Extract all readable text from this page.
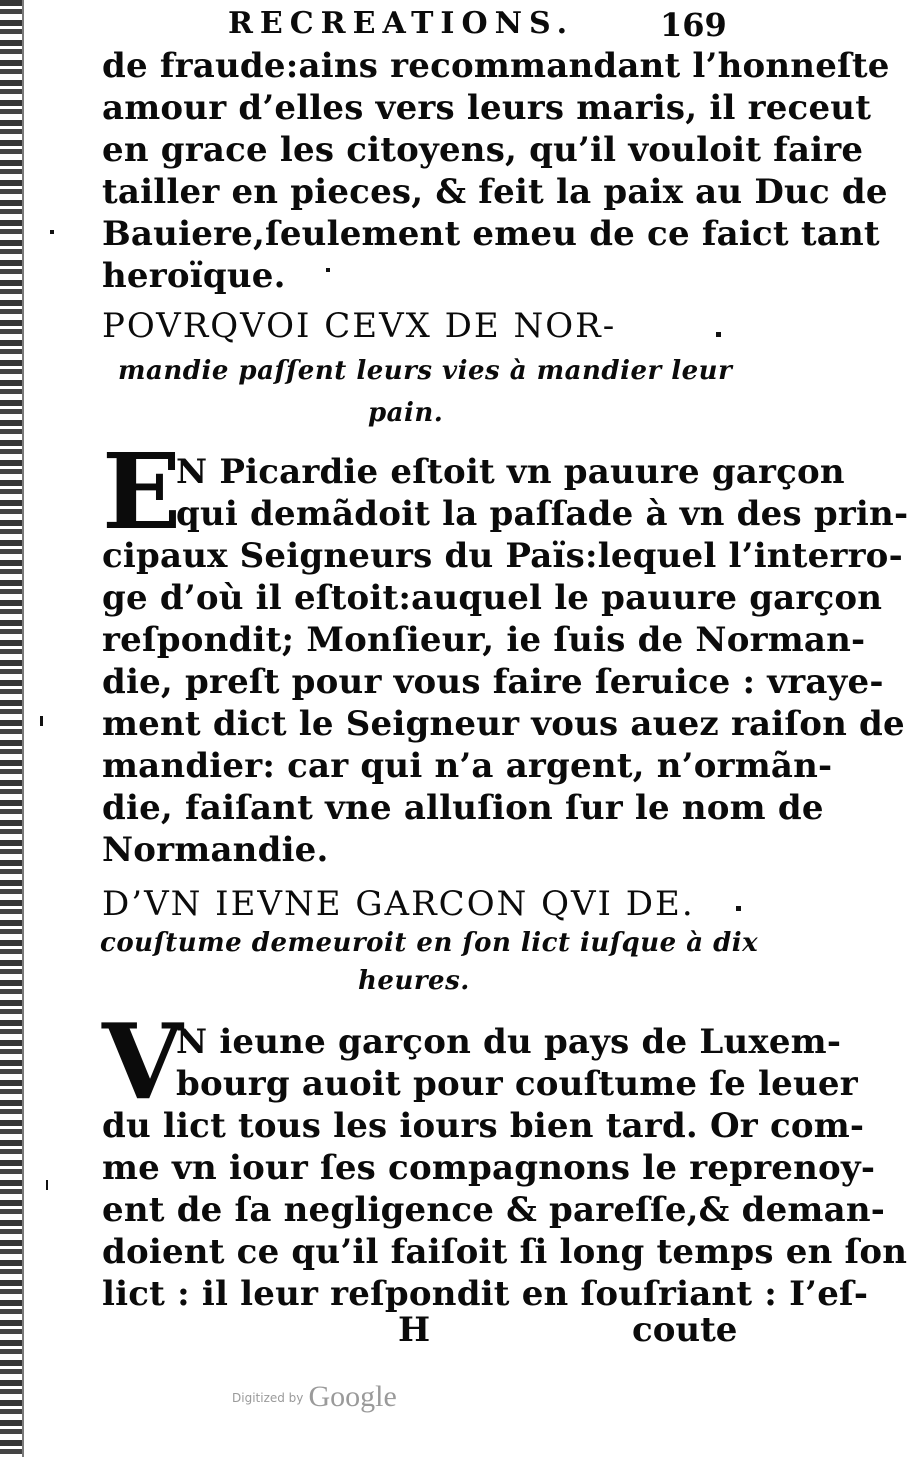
RECREATIONS.	169
de fraude:ains recommandant l’honneſte
amour d’elles vers leurs maris, il receut
en grace les citoyens, qu’il vouloit faire
tailler en pieces, & feit la paix au Duc de
Bauiere,ſeulement emeu de ce faict tant
heroïque.
POVRQVOI CEVX DE NOR-
mandie paſſent leurs vies à mandier leur
pain.
E
N Picardie eſtoit vn pauure garçon
qui demãdoit la paſſade à vn des prin-
cipaux Seigneurs du Païs:lequel l’interro-
ge d’où il eſtoit:auquel le pauure garçon
reſpondit; Monſieur, ie ſuis de Norman-
die, preſt pour vous faire ſeruice : vraye-
ment dict le Seigneur vous auez raiſon de
mandier: car qui n’a argent, n’ormãn-
die, faiſant vne alluſion ſur le nom de
Normandie.
D’VN IEVNE GARCON QVI DE.
couſtume demeuroit en ſon lict iuſque à dix
heures.
V
N ieune garçon du pays de Luxem-
bourg auoit pour couſtume ſe leuer
du lict tous les iours bien tard. Or com-
me vn iour ſes compagnons le reprenoy-
ent de ſa negligence & pareſſe,& deman-
doient ce qu’il faiſoit ſi long temps en ſon
lict : il leur reſpondit en ſouſriant : I’eſ-
H	coute
$^{Digitized by}$ Google
